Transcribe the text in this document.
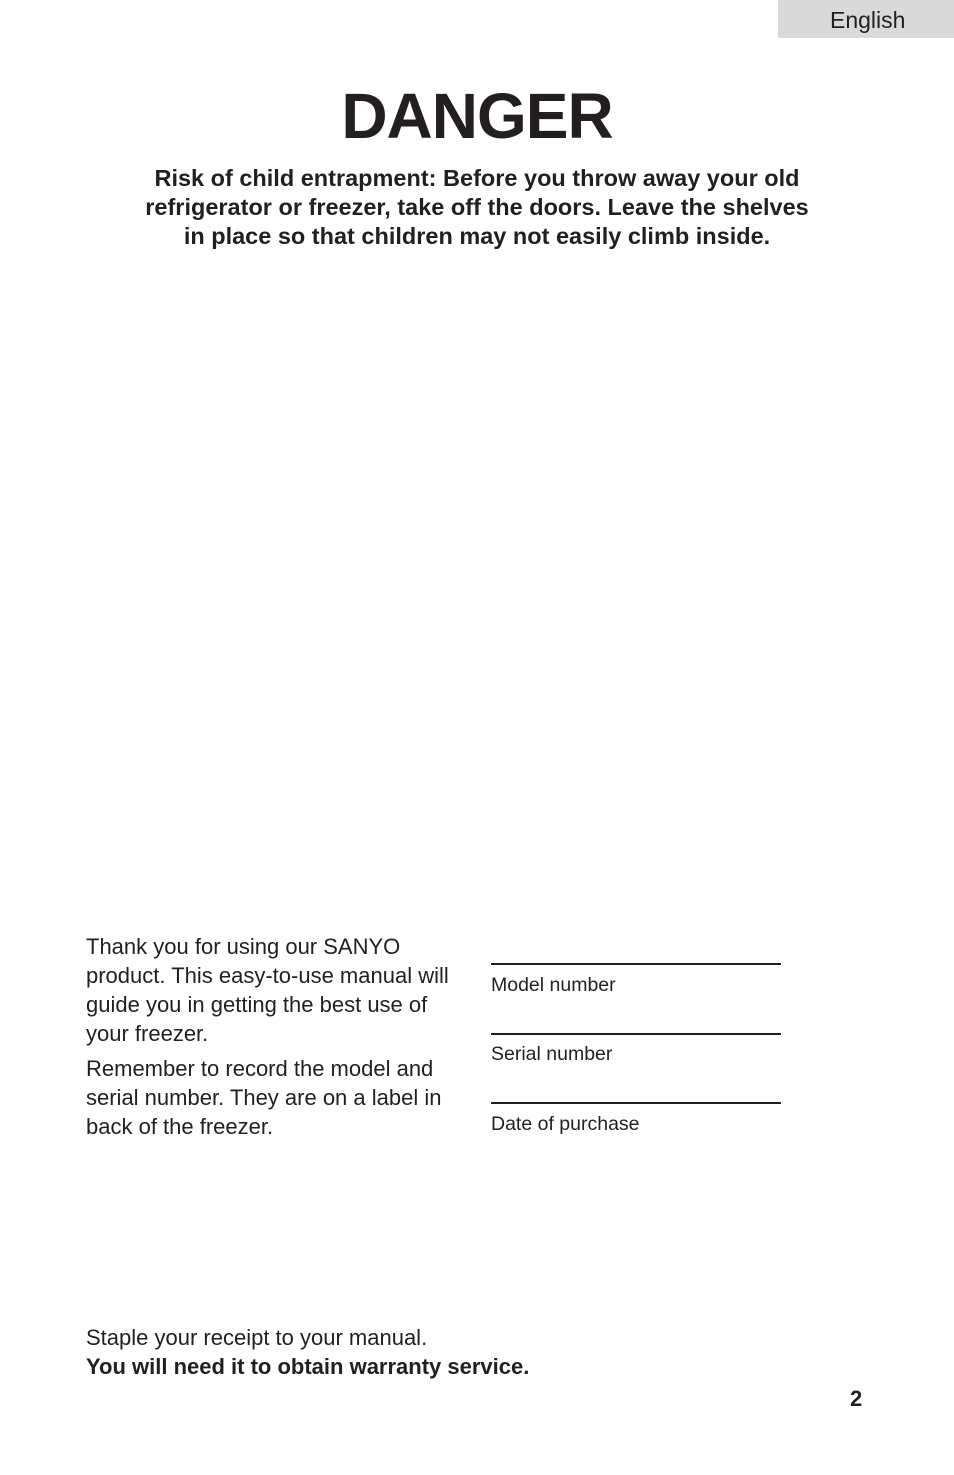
English
DANGER
Risk of child entrapment: Before you throw away your old
refrigerator or freezer, take off the doors. Leave the shelves
in place so that children may not easily climb inside.

Thank you for using our SANYO product. This easy-to-use manual will guide you in getting the best use of your freezer.

Remember to record the model and serial number. They are on a label in back of the freezer.

Model number
Serial number
Date of purchase
Staple your receipt to your manual.
You will need it to obtain warranty service.
2
